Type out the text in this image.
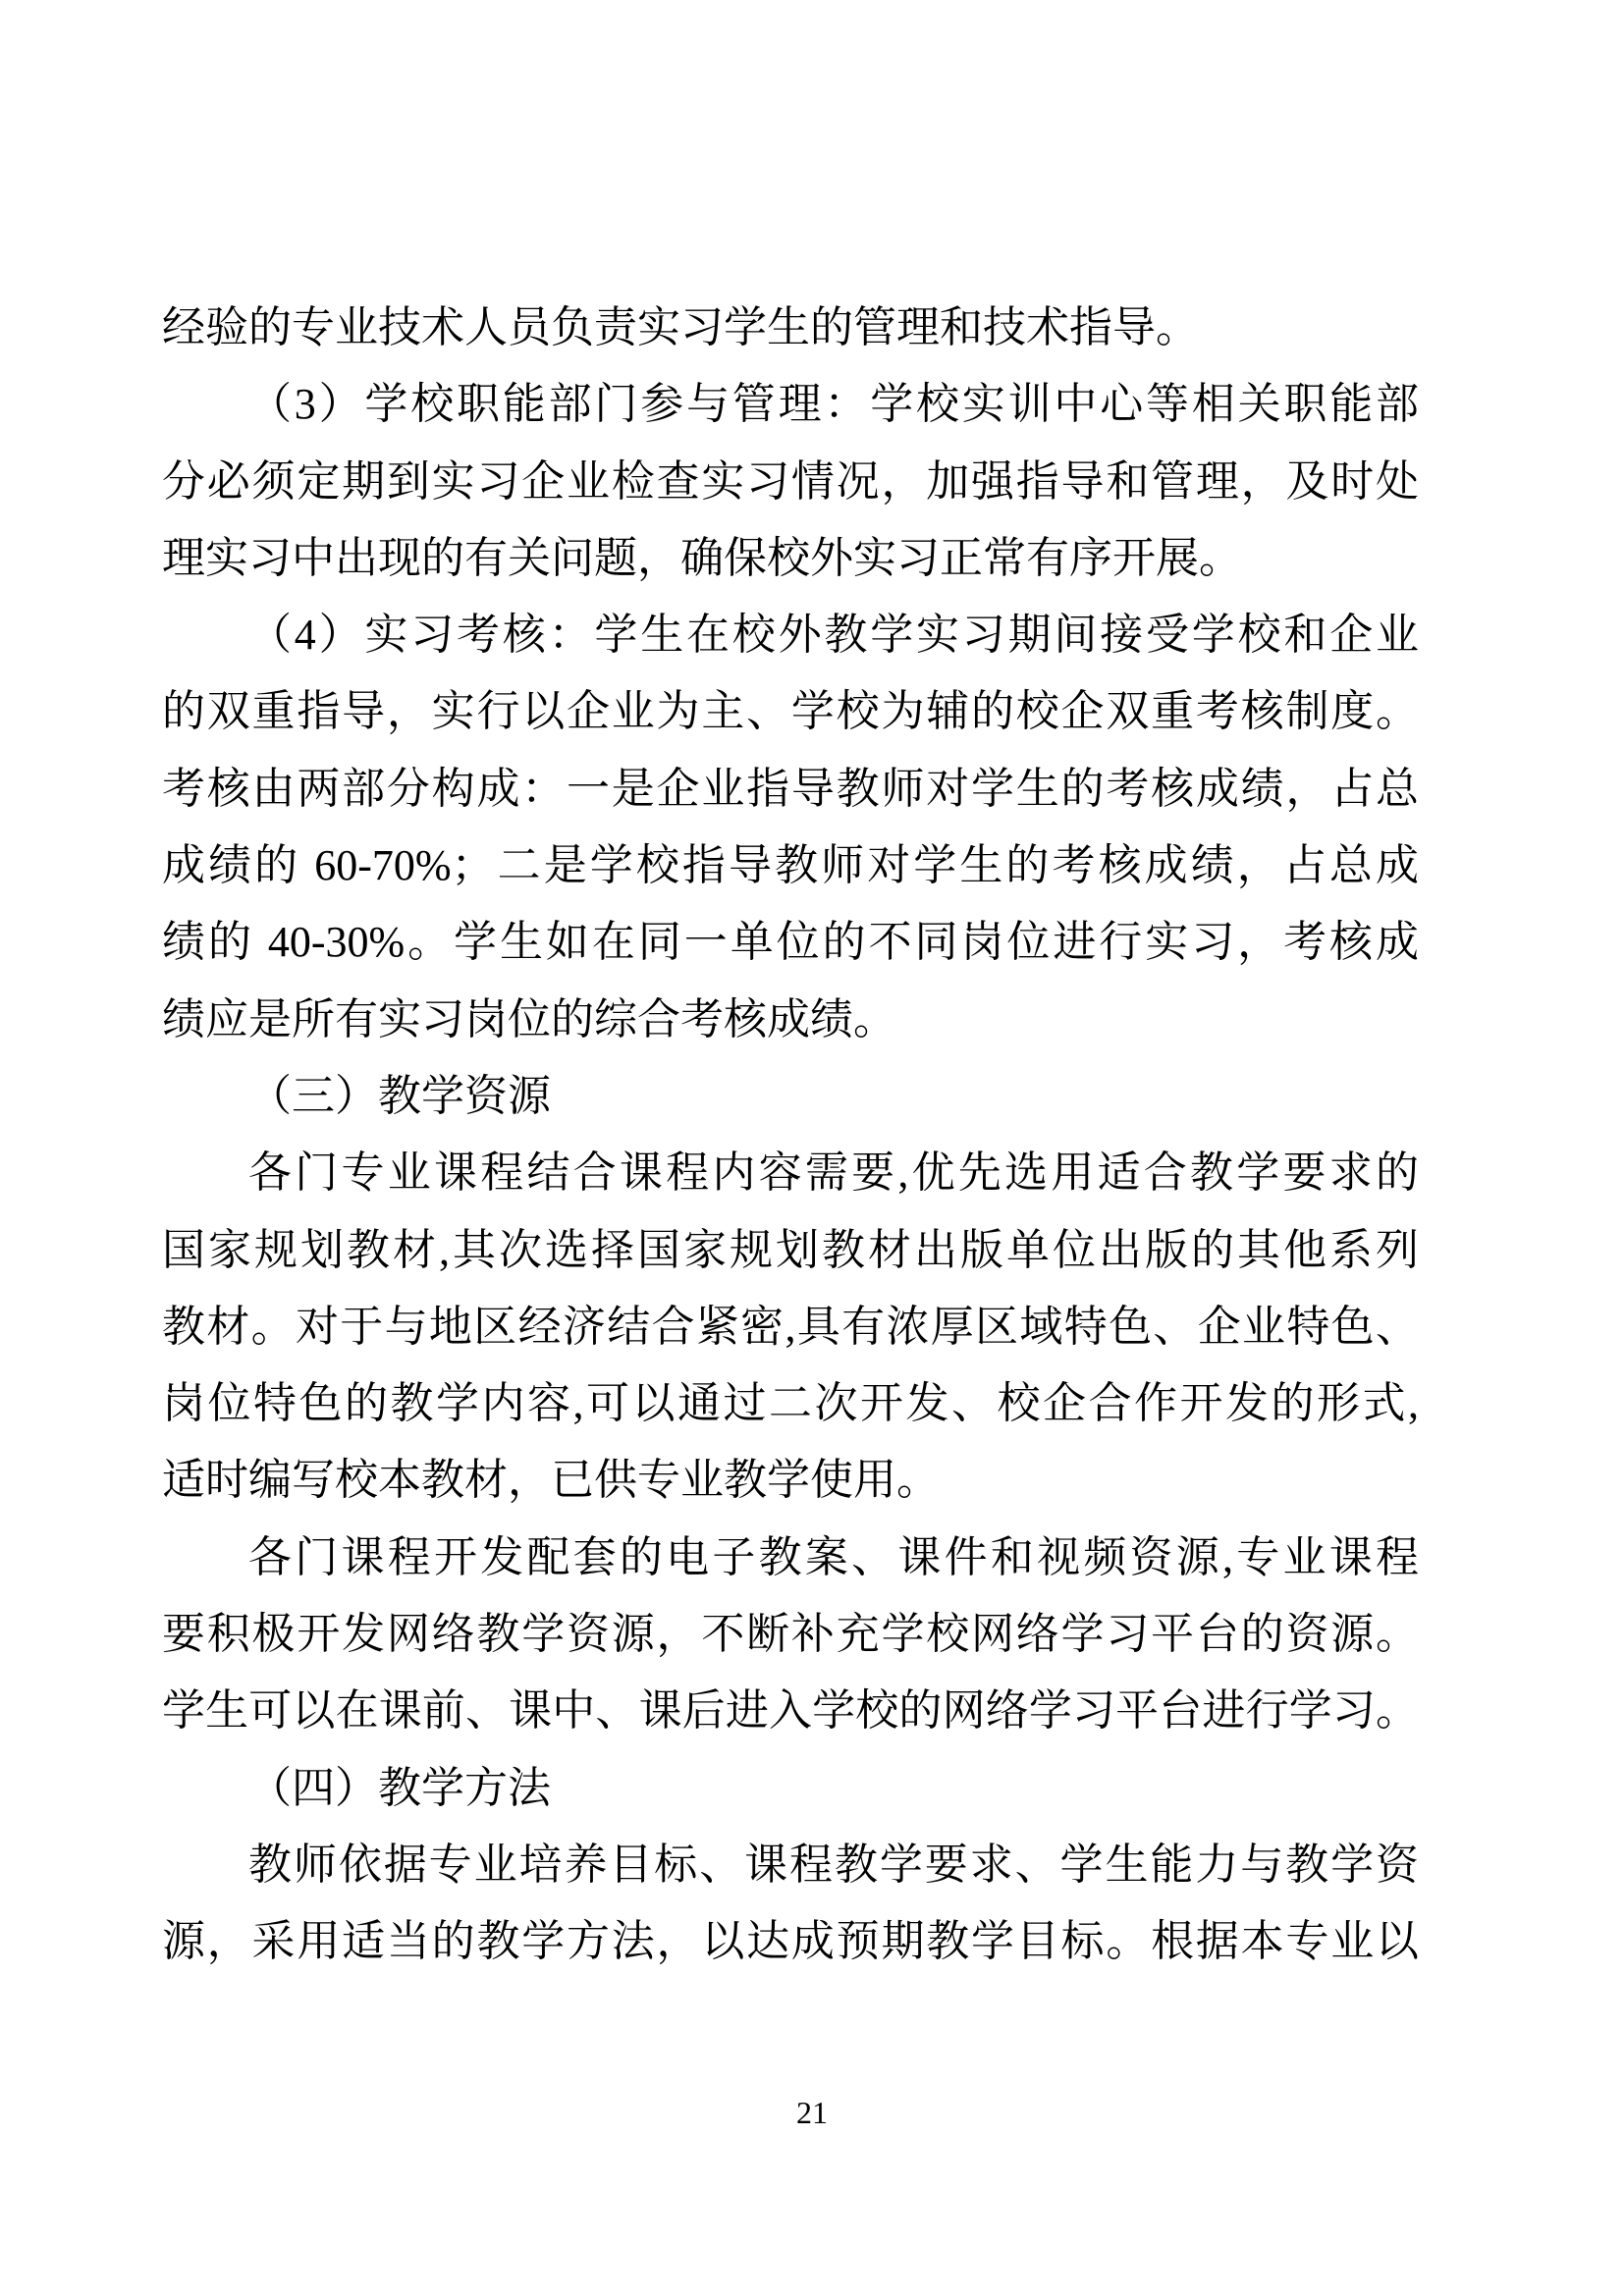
经验的专业技术人员负责实习学生的管理和技术指导。
（3）学校职能部门参与管理：学校实训中心等相关职能部
分必须定期到实习企业检查实习情况，加强指导和管理，及时处
理实习中出现的有关问题，确保校外实习正常有序开展。
（4）实习考核：学生在校外教学实习期间接受学校和企业
的双重指导，实行以企业为主、学校为辅的校企双重考核制度。
考核由两部分构成：一是企业指导教师对学生的考核成绩，占总
成绩的 60-70%；二是学校指导教师对学生的考核成绩，占总成
绩的 40-30%。学生如在同一单位的不同岗位进行实习，考核成
绩应是所有实习岗位的综合考核成绩。
（三）教学资源
各门专业课程结合课程内容需要,优先选用适合教学要求的
国家规划教材,其次选择国家规划教材出版单位出版的其他系列
教材。对于与地区经济结合紧密,具有浓厚区域特色、企业特色、
岗位特色的教学内容,可以通过二次开发、校企合作开发的形式,
适时编写校本教材，已供专业教学使用。
各门课程开发配套的电子教案、课件和视频资源,专业课程
要积极开发网络教学资源，不断补充学校网络学习平台的资源。
学生可以在课前、课中、课后进入学校的网络学习平台进行学习。
（四）教学方法
教师依据专业培养目标、课程教学要求、学生能力与教学资
源，采用适当的教学方法，以达成预期教学目标。根据本专业以
21
